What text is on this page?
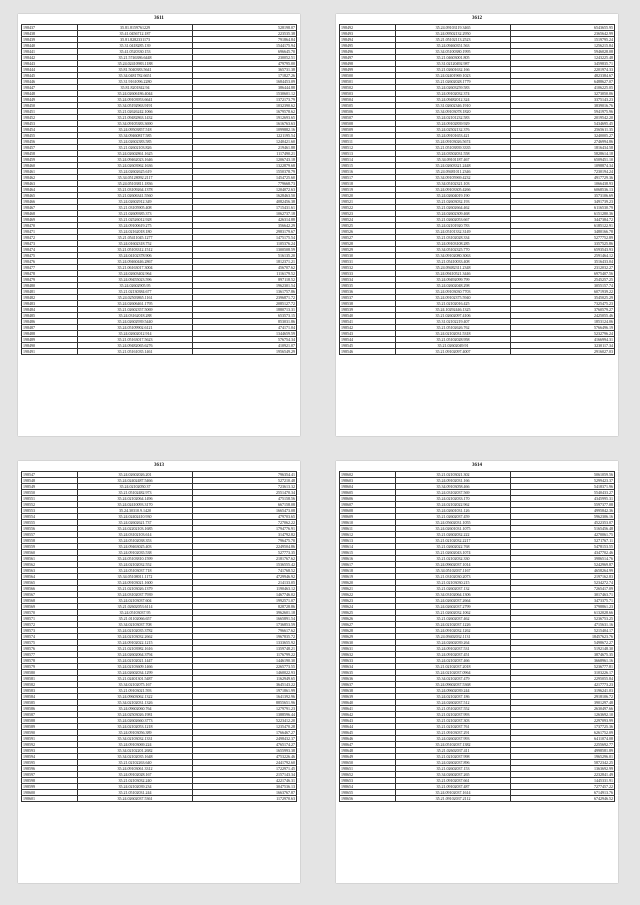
3611
198437	35.81.8159761229	528198.07
198438	35.41.0456712.187	223535.38
198439	35.81.8282331173	791864.84
198440	35.31.0418285.139	1544175.94
198441	35.41.0520330.153	696645.70
198442	35.21.5746386.6448	230052.51
198443	35.24.02410983.1188	479795.00
198444	35.81.5040383.5641	365731.38
198445	35.34.0481782.6651	171827.26
198446	35.31.9161096.2280	1684453.09
198447	35.81.8201842.94	386444.88
198448	35.24.02606186.4044	1530601.12
198449	35.24.09103953.6641	1372173.79
198450	35.34.05192963.9191	1032390.62
198451	35.21.02626242.1066	1679578.62
198452	35.21.09482863.1432	1912693.65
198453	35.34.09105383.3690	1616763.63
198454	35.24.09503857.518	1099882.16
198455	35.34.09460817.585	1221195.54
198456	35.24.02602383.585	1240421.60
198457	35.21.02602103.826	219461.88
198458	35.24.02602861.1625	1117490.21
198459	35.24.09462023.1646	1206743.18
198460	35.24.02603962.1636	1322879.68
198461	35.24.02602625.619	1550378.79
198462	35.34.05128092.2117	1454725.60
198463	35.24.05103811.1836	779668.73
198464	35.21.03109264.1378	1204072.63
198465	35.21.02606341.5560	1628463.50
198466	35.24.02602912.349	4082456.38
198467	35.21.03105905.408	1715431.61
198468	35.21.02609385.373	1062737.18
198469	35.21.02526012.928	426314.88
198470	35.24.09100619.275	356642.29
198471	35.24.02162018.180	2983179.67
198472	35.21.05411045.1277	1475175.54
198473	35.24.01602318.752	1105376.24
198474	35.21.05103312.1512	1300508.59
198475	35.24.04102378.906	516135.20
198476	35.24.09460446.2867	1812371.21
198477	35.21.06163017.3004	456707.62
198478	35.24.02603402.964	1116179.52
198479	35.24.09455023.596	897118.52
198480	35.24.02602905.95	1962301.54
198481	35.21.02130384.677	1361757.86
198482	35.24.02503865.1161	2396871.72
198483	35.24.02606461.1795	2085127.72
198484	35.21.02602357.5069	1880713.31
198485	35.24.03162018.288	653573.15
198486	35.24.02602939.5440	853031.86
198487	35.24.05109902.6121	474171.04
198488	35.24.02602012.914	1344659.59
198489	35.21.05163017.5623	576754.34
198490	35.24.09482065.6276	410921.07
198491	35.21.05161035.1461	1956549.29
3612
198492	35.24.09103119.3465	6543655.95
198493	35.24.09502132.2950	2365642.99
198494	35.21.05102113.2523	1519795.24
198495	35.24.09460351.563	1256215.84
198496	35.34.05100380.1995	5946028.08
198497	35.21.04603001.805	1243225.48
198498	35.31.02120492.987	3459835.71
198499	35.21.02601632.166	2201974.33
198500	35.24.02401969.1023	4823384.67
198501	35.21.02602028.1779	6488627.07
198502	35.24.02603259.583	4106225.05
198503	35.24.09102032.374	3273050.06
198504	35.24.09482012.324	3375143.23
198505	35.31.02602346.1910	3839016.76
198506	35.34.09103078.1820	5941975.96
198507	35.24.02101232.583	2019542.20
198508	35.24.09102839.929	5434695.45
198509	35.24.02502132.376	2565611.35
198510	35.24.09101653.421	3240005.27
198511	35.24.09103026.5674	2746994.86
198512	35.21.05103839.3335	1816434.58
198513	35.24.03502031.558	5828614.18
198514	35.34.09101187.467	6509451.10
198515	35.24.02603321.2448	1098874.34
198516	35.24.09481011.2346	7230194.24
198517	35.34.09105969.4232	4917729.36
198518	35.34.05102321.103	1066438.93
198519	35.24.09103305.4266	6068536.13
198520	35.24.02604019.190	3573106.69
198521	35.21.02603032.193	3491739.23
198522	35.21.02602664.462	6116530.79
198523	35.24.02602309.468	6151280.36
198524	35.21.02602053.667	3447384.72
198525	35.24.02101920.783	6185122.91
198526	35.24.05101332.3149	3480166.78
198527	35.21.03102028.334	5277752.89
198528	35.24.09103108.285	3357525.86
198529	35.34.05102325.770	6593543.93
198530	35.34.09102080.3063	2591464.12
198531	35.21.05410033.408	3516433.04
198532	35.24.09482311.2348	2312032.27
198533	35.24.09410521.3446	6975407.56
198534	35.24.09492099.799	2545257.25
198535	35.24.02602048.298	3055157.74
198536	35.24.09103030.7703	6071939.22
198537	35.24.09102375.5940	3545025.29
198538	35.21.02102016.425	7325475.23
198539	35.24.10292446.1325	3760579.27
198540	35.21.02602097.4106	2425055.46
198541	35.31.02102219.407	1853124.06
198542	35.21.05102626.762	5766496.19
198543	35.24.02102031.5318	5232796.24
198544	35.21.05102028.958	4166994.31
198545	35.21.02602049.91	3230117.34
198546	35.21.09102097.4007	2916027.03
3613
198547	35.24.02602026.201	796354.41
198548	35.24.02402487.5466	527210.48
198549	35.24.02102050.37	723613.32
198550	35.21.05102482.973	2551470.34
198551	35.24.02102064.1496	475158.56
198552	35.24.02410093.3170	667158.08
198553	35.24.30310.9.1420	1665473.08
198554	35.24.02402410.930	479703.65
198555	35.24.02602621.737	727062.22
198556	35.24.02202103.1685	1794776.91
198557	35.24.03102103.614	314792.82
198558	35.24.05102038.353	796475.70
198559	35.24.09463025.403	2249504.86
198560	35.24.09102035.538	527773.35
198561	35.24.05103810.1599	2181767.62
198562	35.24.02102032.552	1536555.42
198563	35.24.05103037.718	741768.52
198564	35.34.05108011.1172	4729946.92
198565	35.24.09103021.1600	214133.05
198566	35.21.02103026.1379	1190463.12
198567	35.24.03102037.7939	1467746.02
198568	35.24.02103037.604	1992571.07
198569	35.21.02602053.6114	828728.86
198570	35.24.05103037.95	3962601.18
198571	35.21.01102066.657	1665891.54
198572	35.34.02103037.708	1736853.59
198573	35.24.02102035.3782	796617.62
198574	35.24.02103032.2662	1967835.72
198575	35.24.09102022.1215	1333655.92
198576	35.21.02103982.1616	1359748.21
198577	35.24.02602064.3794	1176799.22
198578	35.24.02102021.1447	1446190.30
198579	35.24.02103609.1466	2265773.55
198580	35.24.02602034.1299	1460022.93
198581	35.21.02401301.5487	1162949.65
198582	35.34.02102075.167	3645143.22
198583	35.21.09103021.593	1971861.99
198584	35.24.09603062.1322	1641392.96
198585	35.34.02102031.1326	8855651.96
198586	35.24.09602060.764	1279791.23
198587	35.24.02503026.1981	1388596.44
198588	35.24.02602660.3773	5223412.20
198589	35.24.02102053.1218	1235470.28
198590	35.24.09103056.389	1766467.27
198591	35.34.02103032.1331	2498432.37
198592	35.24.09103069.224	4765174.27
198593	35.34.02102201.2682	1655993.38
198594	35.34.02102035.1648	4753226.46
198595	35.21.02102263.640	2441792.60
198596	35.24.09103061.3312	1722971.45
198597	35.24.09102028.167	2157143.34
198598	35.21.02103032.240	4221746.31
198599	35.24.02102039.234	3047536.13
198600	35.21.05102031.244	1663767.87
198601	35.24.02602037.5361	1172970.63
3614
198602	35.21.02103021.302	5061059.56
198603	35.24.09102031.166	5299423.37
198604	35.34.09103058.466	5418371.96
198605	35.24.03102037.569	5540433.27
198606	35.24.02102033.170	4345995.31
198607	35.24.02102022.962	5597377.08
198608	35.24.02601031.126	4995842.36
198609	35.21.02602037.459	5962306.16
198610	35.24.05602031.1055	4522353.07
198611	35.24.02601031.1075	5165456.48
198612	35.21.02602032.222	4270061.75
198613	35.21.02102032.2217	5271767.11
198614	35.21.02602022.768	5478153.55
198615	35.21.02602043.1074	4347702.46
198616	35.21.02102032.330	3986514.76
198617	35.24.09602037.1014	5242969.87
198618	35.34.05102037.1167	4658264.99
198619	35.21.03102030.2073	2197162.83
198620	35.21.02103030.215	5234272.74
198621	35.21.02602037.132	7265417.09
198622	35.34.03102064.1306	3017463.71
198623	35.24.02602037.2664	3473375.71
198624	35.24.02602037.2799	3798861.23
198625	35.21.02602032.1062	6132028.66
198626	35.21.02602037.462	5236753.25
198627	35.24.02102037.1226	4715631.16
198628	35.24.09102032.1262	5215404.17
198629	35.24.09402032.1131	18457623.76
198630	35.24.02602039.264	5498672.27
198631	35.24.09102037.531	5192148.30
198632	35.24.09102037.451	3874675.35
198633	35.24.02102037.466	3668961.16
198634	35.21.02102037.2018	5236777.81
198635	35.24.02102037.0964	3103226.17
198636	35.34.02102037.479	2295055.84
198637	35.24.09602037.5368	4217773.23
198638	35.24.09602039.244	3196241.03
198639	35.24.02102037.186	2918106.72
198640	35.24.02602037.512	3901297.48
198641	35.21.05102037.552	2630497.66
198642	35.21.02102037.993	1263692.10
198643	35.21.02102037.303	2297093.99
198644	35.21.02102037.761	1737725.36
198645	35.21.09103037.291	6261752.09
198646	35.24.02602037.993	6411074.08
198647	35.24.05102037.1382	2255692.77
198648	35.21.02602037.411	4998581.89
198649	35.21.02102037.998	1965296.01
198650	35.24.02602037.896	5872342.25
198651	35.21.02602037.153	1363692.99
198652	35.34.02602037.265	2232841.49
198653	35.21.09102037.661	1445331.91
198654	35.21.09102037.487	7277457.22
198655	35.24.09102037.1614	6714913.76
198656	35.21.09102037.2112	6742946.52
